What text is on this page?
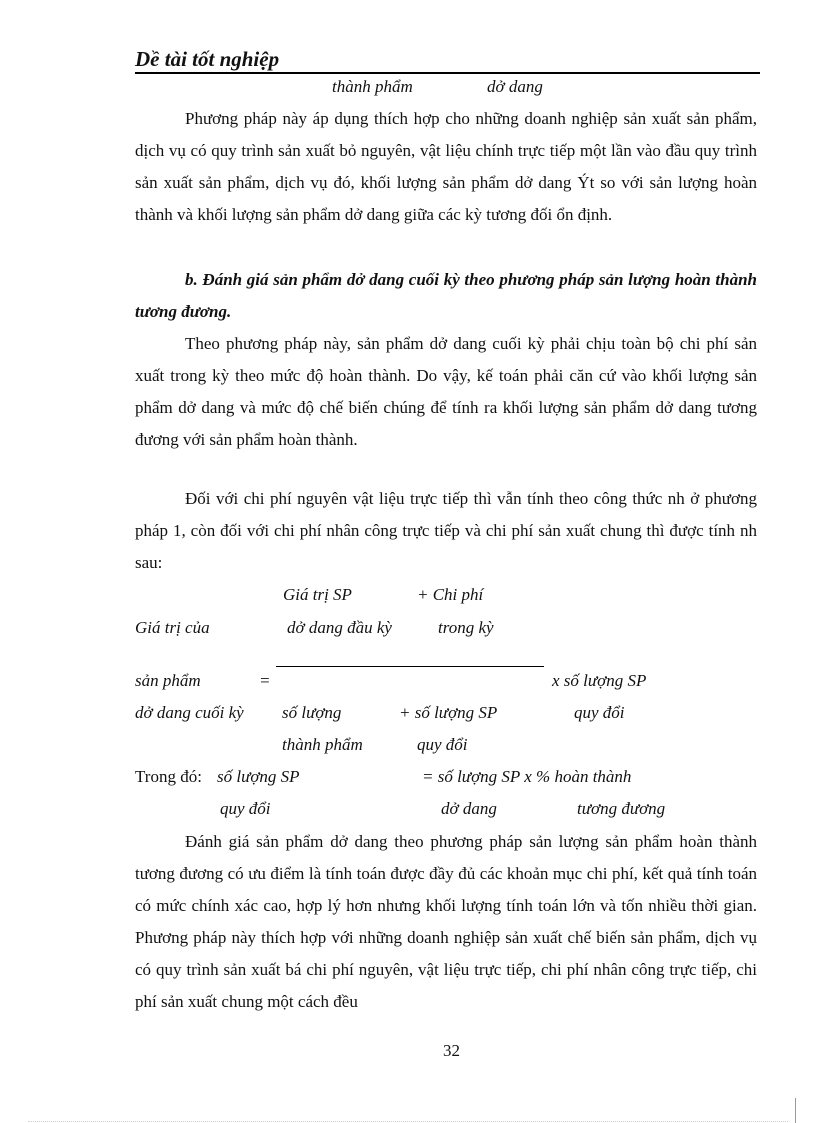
Dề tài tốt nghiệp
thành phẩm	dở dang

Phương pháp này áp dụng thích hợp cho những doanh nghiệp sản xuất sản phẩm, dịch vụ có quy trình sản xuất bỏ nguyên, vật liệu chính trực tiếp một lần vào đầu quy trình sản xuất sản phẩm, dịch vụ đó, khối lượng sản phẩm dở dang Ýt so với sản lượng hoàn thành và khối lượng sản phẩm dở dang giữa các kỳ tương đối ổn định.

b. Đánh giá sản phẩm dở dang cuối kỳ theo phương pháp sản lượng hoàn thành tương đương.

Theo phương pháp này, sản phẩm dở dang cuối kỳ phải chịu toàn bộ chi phí sản xuất trong kỳ theo mức độ hoàn thành. Do vậy, kế toán phải căn cứ vào khối lượng sản phẩm dở dang và mức độ chế biến chúng để tính ra khối lượng sản phẩm dở dang tương đương với sản phẩm hoàn thành.

Đối với chi phí nguyên vật liệu trực tiếp thì vẫn tính theo công thức nh ở phương pháp 1, còn đối với chi phí nhân công trực tiếp và chi phí sản xuất chung thì được tính nh sau:

Giá trị SP	+ Chi phí
Giá trị của	dở dang đầu kỳ	trong kỳ
sản phẩm	=	x số lượng SP
dở dang cuối kỳ số lượng	+ số lượng SP	quy đổi
thành phẩm	quy đổi
Trong đó: số lượng SP	= số lượng SP x % hoàn thành
quy đổi	dở dang	tương đương

Đánh giá sản phẩm dở dang theo phương pháp sản lượng sản phẩm hoàn thành tương đương có ưu điểm là tính toán được đầy đủ các khoản mục chi phí, kết quả tính toán có mức chính xác cao, hợp lý hơn nhưng khối lượng tính toán lớn và tốn nhiều thời gian. Phương pháp này thích hợp với những doanh nghiệp sản xuất chế biến sản phẩm, dịch vụ có quy trình sản xuất bá chi phí nguyên, vật liệu trực tiếp, chi phí nhân công trực tiếp, chi phí sản xuất chung một cách đều

32
